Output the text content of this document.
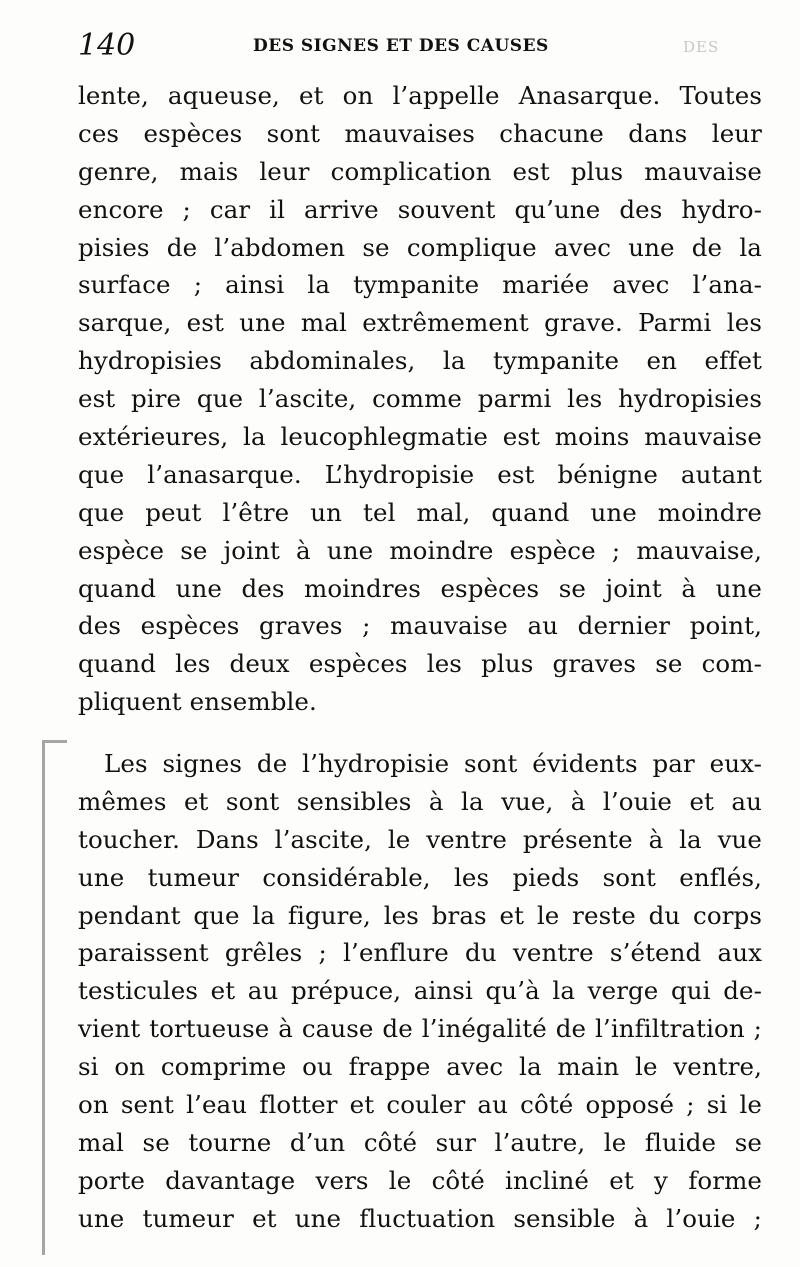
140	DES SIGNES ET DES CAUSES	DES
lente, aqueuse, et on l’appelle Anasarque. Toutes
ces espèces sont mauvaises chacune dans leur
genre, mais leur complication est plus mauvaise
encore ; car il arrive souvent qu’une des hydro-
pisies de l’abdomen se complique avec une de la
surface ; ainsi la tympanite mariée avec l’ana-
sarque, est une mal extrêmement grave. Parmi les
hydropisies abdominales, la tympanite en effet
est pire que l’ascite, comme parmi les hydropisies
extérieures, la leucophlegmatie est moins mauvaise
que l’anasarque. L’hydropisie est bénigne autant
que peut l’être un tel mal, quand une moindre
espèce se joint à une moindre espèce ; mauvaise,
quand une des moindres espèces se joint à une
des espèces graves ; mauvaise au dernier point,
quand les deux espèces les plus graves se com-
pliquent ensemble.
Les signes de l’hydropisie sont évidents par eux-
mêmes et sont sensibles à la vue, à l’ouie et au
toucher. Dans l’ascite, le ventre présente à la vue
une tumeur considérable, les pieds sont enflés,
pendant que la figure, les bras et le reste du corps
paraissent grêles ; l’enflure du ventre s’étend aux
testicules et au prépuce, ainsi qu’à la verge qui de-
vient tortueuse à cause de l’inégalité de l’infiltration ;
si on comprime ou frappe avec la main le ventre,
on sent l’eau flotter et couler au côté opposé ; si le
mal se tourne d’un côté sur l’autre, le fluide se
porte davantage vers le côté incliné et y forme
une tumeur et une fluctuation sensible à l’ouie ;
